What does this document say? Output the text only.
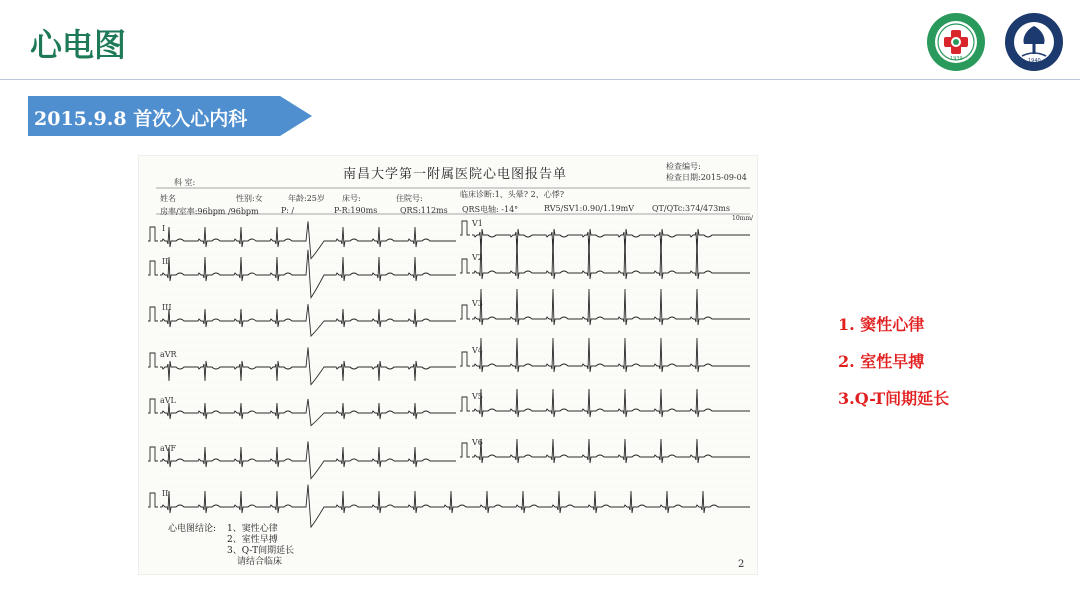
心电图	1939	1940
2015.9.8 首次入心内科
南昌大学第一附属医院心电图报告单
科 室:
检查编号:
检查日期:2015-09-04
姓名	性别:女	年龄:25岁 床号:	住院号:	临床诊断:1、头晕? 2、心悸?
房率/室率:96bpm /96bpm	P: /	P-R:190ms	QRS:112ms QRS电轴: -14°	RV5/SV1:0.90/1.19mV QT/QTc:374/473ms
10mm/
I
II
III
aVR
aVL
aVF
II
V1
V2
V3
V4
V5
V6
心电图结论: 1、窦性心律
2、室性早搏
3、Q-T间期延长
请结合临床	2
1. 窦性心律
2. 室性早搏
3.Q-T间期延长
